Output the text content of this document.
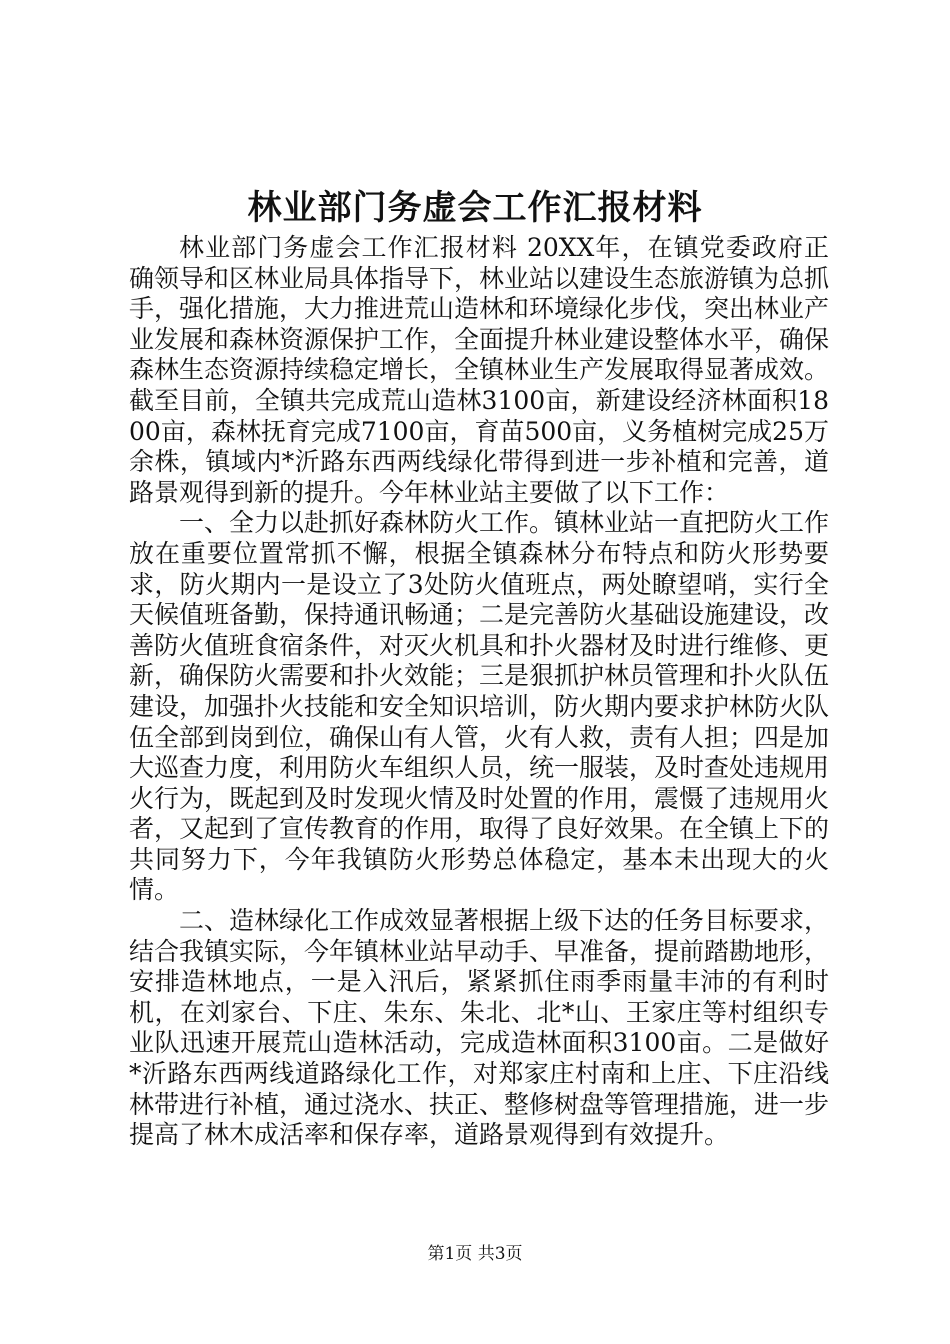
林业部门务虚会工作汇报材料

林业部门务虚会工作汇报材料 20XX年，在镇党委政府正确领导和区林业局具体指导下，林业站以建设生态旅游镇为总抓手，强化措施，大力推进荒山造林和环境绿化步伐，突出林业产业发展和森林资源保护工作，全面提升林业建设整体水平，确保森林生态资源持续稳定增长，全镇林业生产发展取得显著成效。截至目前，全镇共完成荒山造林3100亩，新建设经济林面积1800亩，森林抚育完成7100亩，育苗500亩，义务植树完成25万余株，镇域内*沂路东西两线绿化带得到进一步补植和完善，道路景观得到新的提升。今年林业站主要做了以下工作：

一、全力以赴抓好森林防火工作。镇林业站一直把防火工作放在重要位置常抓不懈，根据全镇森林分布特点和防火形势要求，防火期内一是设立了3处防火值班点，两处瞭望哨，实行全天候值班备勤，保持通讯畅通；二是完善防火基础设施建设，改善防火值班食宿条件，对灭火机具和扑火器材及时进行维修、更新，确保防火需要和扑火效能；三是狠抓护林员管理和扑火队伍建设，加强扑火技能和安全知识培训，防火期内要求护林防火队伍全部到岗到位，确保山有人管，火有人救，责有人担；四是加大巡查力度，利用防火车组织人员，统一服装，及时查处违规用火行为，既起到及时发现火情及时处置的作用，震慑了违规用火者，又起到了宣传教育的作用，取得了良好效果。在全镇上下的共同努力下，今年我镇防火形势总体稳定，基本未出现大的火情。

二、造林绿化工作成效显著根据上级下达的任务目标要求，结合我镇实际，今年镇林业站早动手、早准备，提前踏勘地形，安排造林地点，一是入汛后，紧紧抓住雨季雨量丰沛的有利时机，在刘家台、下庄、朱东、朱北、北*山、王家庄等村组织专业队迅速开展荒山造林活动，完成造林面积3100亩。二是做好*沂路东西两线道路绿化工作，对郑家庄村南和上庄、下庄沿线林带进行补植，通过浇水、扶正、整修树盘等管理措施，进一步提高了林木成活率和保存率，道路景观得到有效提升。

第1页 共3页
